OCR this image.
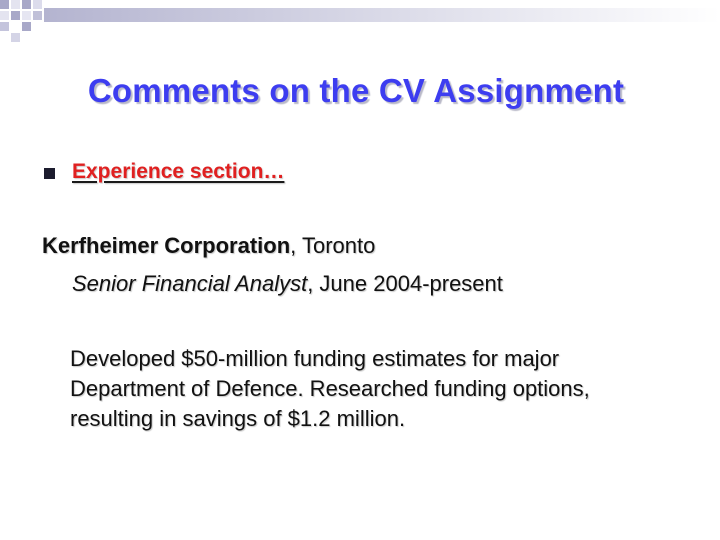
Comments on the CV Assignment
Experience section…
Kerfheimer Corporation, Toronto
Senior Financial Analyst, June 2004-present
Developed $50-million funding estimates for major Department of Defence. Researched funding options, resulting in savings of $1.2 million.
